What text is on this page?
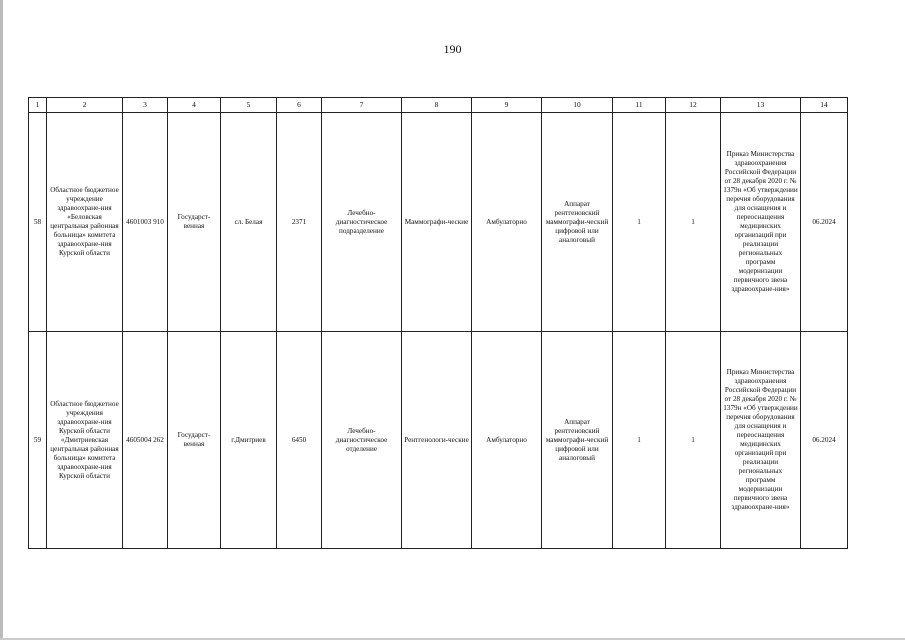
190
1	2	3	4	5	6	7	8	9	10	11	12	13	14
58	Областное бюджетное учреждение здравоохране-ния «Беловская центральная районная больница» комитета здравоохране-ния Курской области	4601003 910	Государст-венная	сл. Белая	2371	Лечебно-диагностическое подразделение	Маммографи-ческие	Амбулаторно	Аппарат рентгеновский маммографи-ческий цифровой или аналоговый	1	1	Приказ Министерства здравоохранения Российской Федерации от 28 декабря 2020 г. № 1379н «Об утверждении перечня оборудования для оснащения и переоснащения медицинских организаций при реализации региональных программ модернизации первичного звена здравоохране-ния»	06.2024
59	Областное бюджетное учреждения здравоохране-ния Курской области «Дмитриевская центральная районная больница» комитета здравоохране-ния Курской области	4605004 262	Государст-венная	г.Дмитриев	6450	Лечебно-диагностическое отделение	Рентгенологи-ческие	Амбулаторно	Аппарат рентгеновский маммографи-ческий цифровой или аналоговый	1	1	Приказ Министерства здравоохранения Российской Федерации от 28 декабря 2020 г. № 1379н «Об утверждении перечня оборудования для оснащения и переоснащения медицинских организаций при реализации региональных программ модернизации первичного звена здравоохране-ния»	06.2024
